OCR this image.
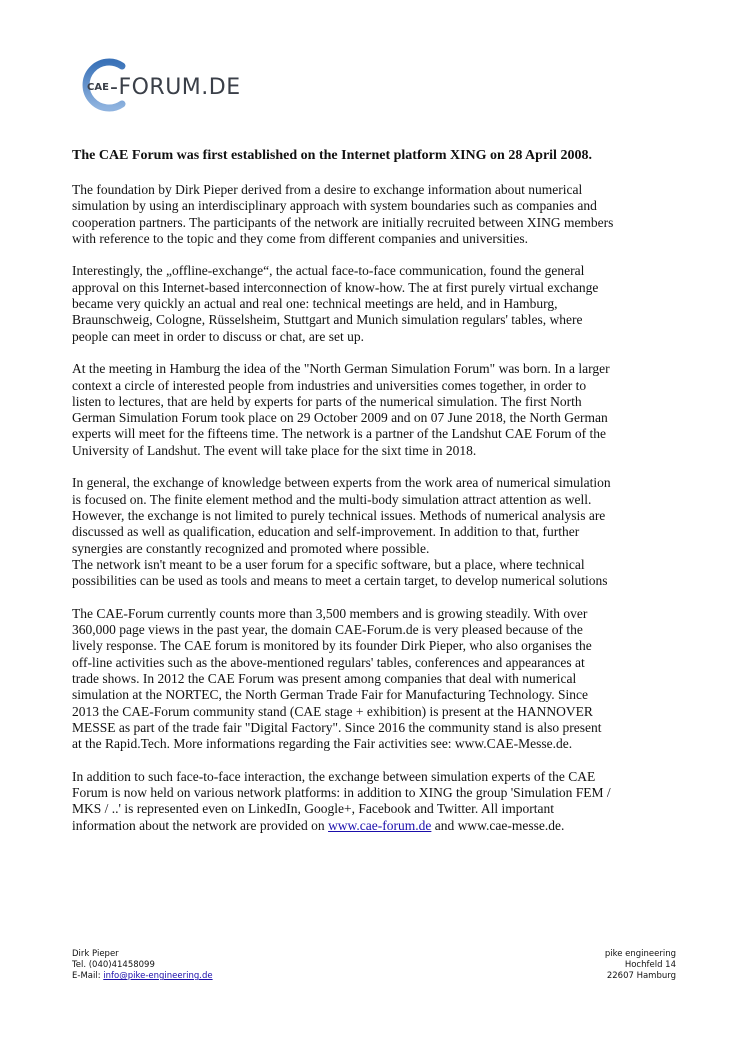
CAE -FORUM.DE
The CAE Forum was first established on the Internet platform XING on 28 April 2008.

The foundation by Dirk Pieper derived from a desire to exchange information about numerical
simulation by using an interdisciplinary approach with system boundaries such as companies and
cooperation partners. The participants of the network are initially recruited between XING members
with reference to the topic and they come from different companies and universities.

Interestingly, the „offline-exchange“, the actual face-to-face communication, found the general
approval on this Internet-based interconnection of know-how. The at first purely virtual exchange
became very quickly an actual and real one: technical meetings are held, and in Hamburg,
Braunschweig, Cologne, Rüsselsheim, Stuttgart and Munich simulation regulars' tables, where
people can meet in order to discuss or chat, are set up.

At the meeting in Hamburg the idea of the "North German Simulation Forum" was born. In a larger
context a circle of interested people from industries and universities comes together, in order to
listen to lectures, that are held by experts for parts of the numerical simulation. The first North
German Simulation Forum took place on 29 October 2009 and on 07 June 2018, the North German
experts will meet for the fifteens time. The network is a partner of the Landshut CAE Forum of the
University of Landshut. The event will take place for the sixt time in 2018.

In general, the exchange of knowledge between experts from the work area of numerical simulation
is focused on. The finite element method and the multi-body simulation attract attention as well.
However, the exchange is not limited to purely technical issues. Methods of numerical analysis are
discussed as well as qualification, education and self-improvement. In addition to that, further
synergies are constantly recognized and promoted where possible.

The network isn't meant to be a user forum for a specific software, but a place, where technical
possibilities can be used as tools and means to meet a certain target, to develop numerical solutions

The CAE-Forum currently counts more than 3,500 members and is growing steadily. With over
360,000 page views in the past year, the domain CAE-Forum.de is very pleased because of the
lively response. The CAE forum is monitored by its founder Dirk Pieper, who also organises the
off-line activities such as the above-mentioned regulars' tables, conferences and appearances at
trade shows. In 2012 the CAE Forum was present among companies that deal with numerical
simulation at the NORTEC, the North German Trade Fair for Manufacturing Technology. Since
2013 the CAE-Forum community stand (CAE stage + exhibition) is present at the HANNOVER
MESSE as part of the trade fair "Digital Factory". Since 2016 the community stand is also present
at the Rapid.Tech. More informations regarding the Fair activities see: www.CAE-Messe.de.

In addition to such face-to-face interaction, the exchange between simulation experts of the CAE
Forum is now held on various network platforms: in addition to XING the group 'Simulation FEM /
MKS / ..' is represented even on LinkedIn, Google+, Facebook and Twitter. All important
information about the network are provided on www.cae-forum.de and www.cae-messe.de.

Dirk Pieper
Tel. (040)41458099
E-Mail: info@pike-engineering.de
pike engineering
Hochfeld 14
22607 Hamburg
